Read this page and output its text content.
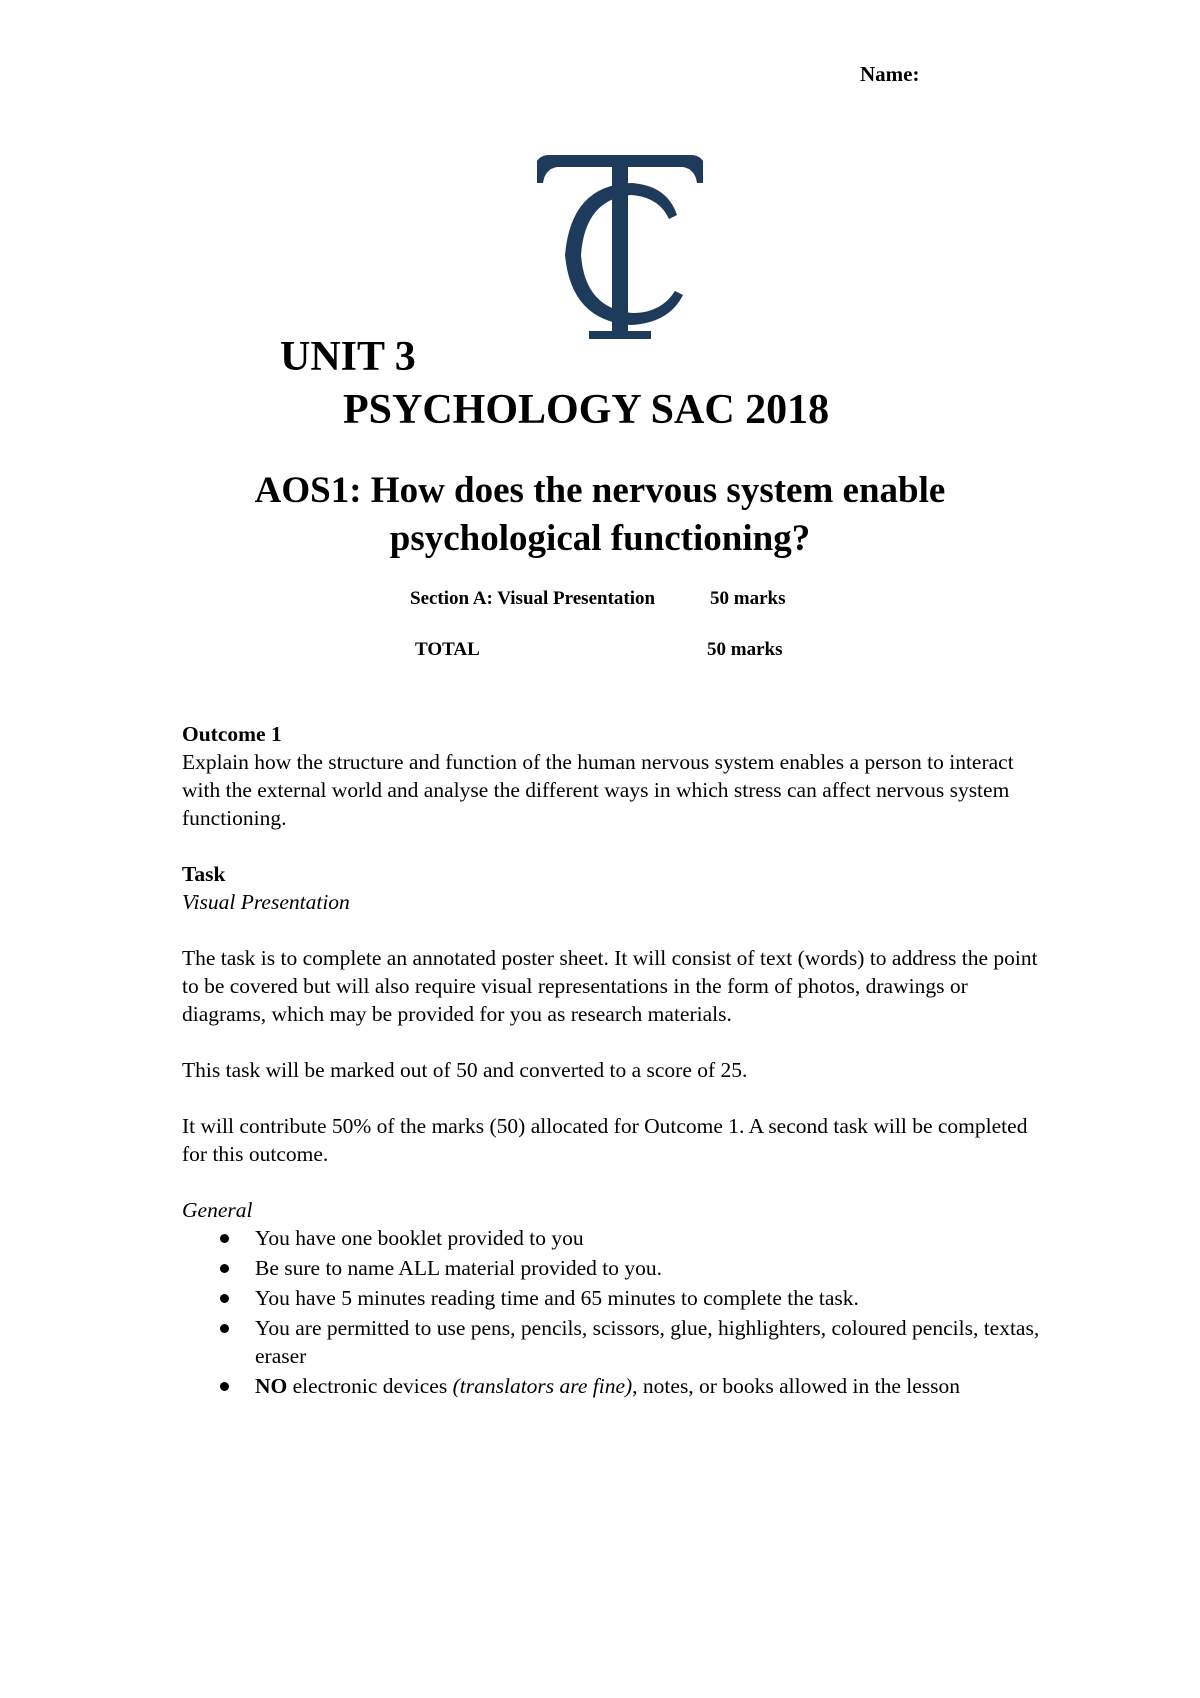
Name:
UNIT 3
PSYCHOLOGY SAC 2018
AOS1: How does the nervous system enable
psychological functioning?
Section A: Visual Presentation	50 marks
TOTAL	50 marks
Outcome 1

Explain how the structure and function of the human nervous system enables a person to interact with the external world and analyse the different ways in which stress can affect nervous system functioning.

Task
Visual Presentation

The task is to complete an annotated poster sheet. It will consist of text (words) to address the point to be covered but will also require visual representations in the form of photos, drawings or diagrams, which may be provided for you as research materials.

This task will be marked out of 50 and converted to a score of 25.

It will contribute 50% of the marks (50) allocated for Outcome 1. A second task will be completed for this outcome.

General
You have one booklet provided to you
Be sure to name ALL material provided to you.
You have 5 minutes reading time and 65 minutes to complete the task.
You are permitted to use pens, pencils, scissors, glue, highlighters, coloured pencils, textas, eraser
NO electronic devices (translators are fine), notes, or books allowed in the lesson
